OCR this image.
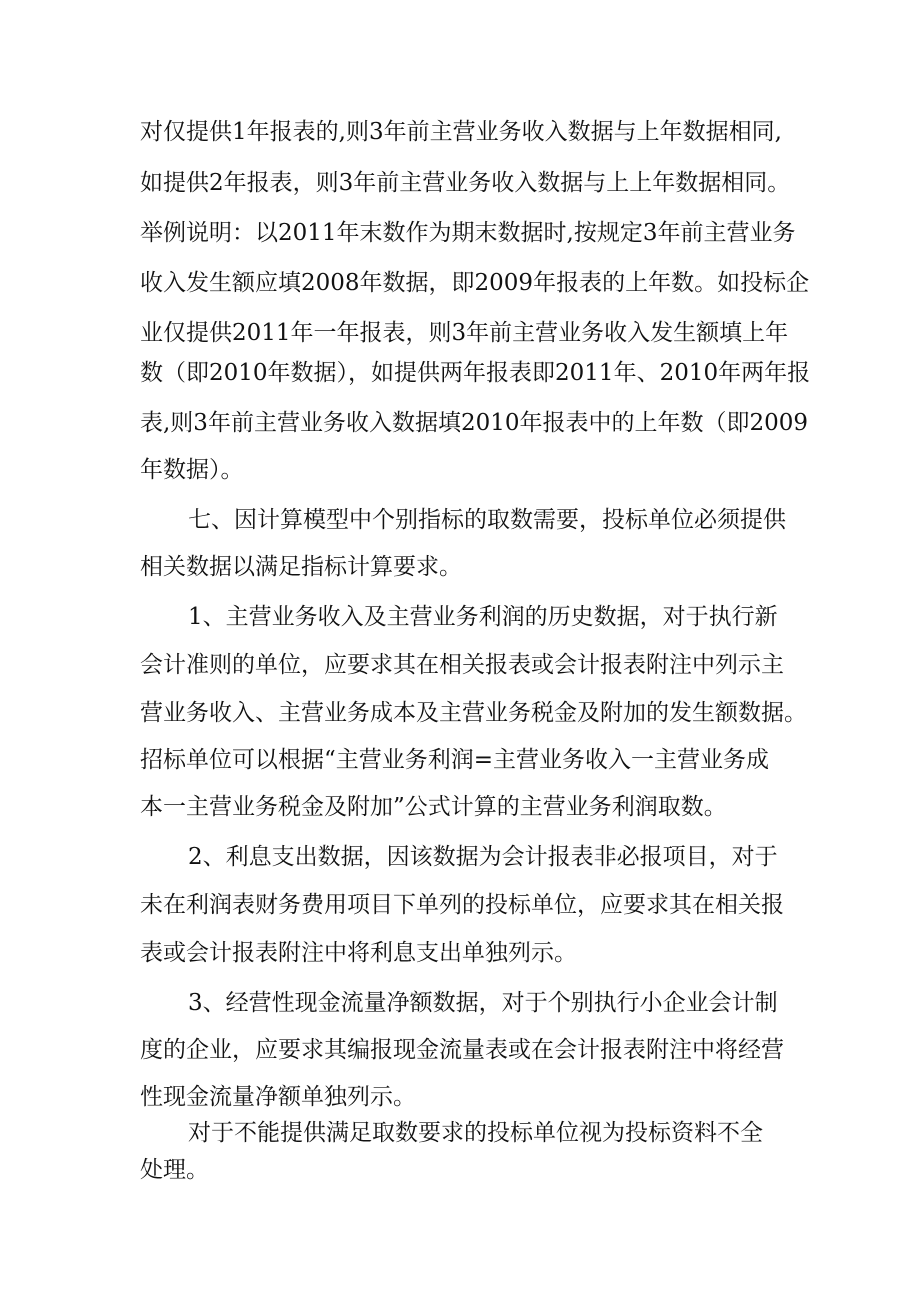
对仅提供1年报表的,则3年前主营业务收入数据与上年数据相同,
如提供2年报表，则3年前主营业务收入数据与上上年数据相同。
举例说明：以2011年末数作为期末数据时,按规定3年前主营业务
收入发生额应填2008年数据，即2009年报表的上年数。如投标企
业仅提供2011年一年报表，则3年前主营业务收入发生额填上年
数（即2010年数据），如提供两年报表即2011年、2010年两年报
表,则3年前主营业务收入数据填2010年报表中的上年数（即2009
年数据）。
七、因计算模型中个别指标的取数需要，投标单位必须提供
相关数据以满足指标计算要求。
1、主营业务收入及主营业务利润的历史数据，对于执行新
会计准则的单位，应要求其在相关报表或会计报表附注中列示主
营业务收入、主营业务成本及主营业务税金及附加的发生额数据。
招标单位可以根据“主营业务利润=主营业务收入一主营业务成
本一主营业务税金及附加”公式计算的主营业务利润取数。
2、利息支出数据，因该数据为会计报表非必报项目，对于
未在利润表财务费用项目下单列的投标单位，应要求其在相关报
表或会计报表附注中将利息支出单独列示。
3、经营性现金流量净额数据，对于个别执行小企业会计制
度的企业，应要求其编报现金流量表或在会计报表附注中将经营
性现金流量净额单独列示。
对于不能提供满足取数要求的投标单位视为投标资料不全
处理。
